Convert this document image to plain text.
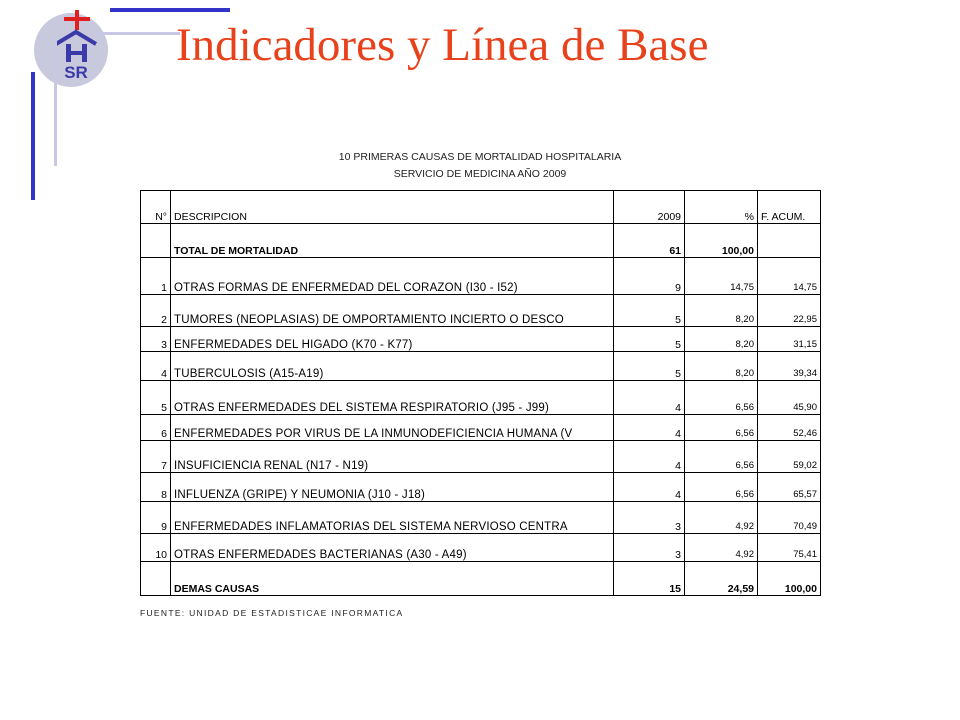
SR
Indicadores y Línea de Base
10 PRIMERAS CAUSAS DE MORTALIDAD HOSPITALARIA
SERVICIO DE MEDICINA AÑO 2009
N°	DESCRIPCION	2009	%	F. ACUM.
	TOTAL DE MORTALIDAD	61	100,00	
1	OTRAS FORMAS DE ENFERMEDAD DEL CORAZON (I30 - I52)	9	14,75	14,75
2	TUMORES (NEOPLASIAS) DE OMPORTAMIENTO INCIERTO O DESCO	5	8,20	22,95
3	ENFERMEDADES DEL HIGADO (K70 - K77)	5	8,20	31,15
4	TUBERCULOSIS (A15-A19)	5	8,20	39,34
5	OTRAS ENFERMEDADES DEL SISTEMA RESPIRATORIO (J95 - J99)	4	6,56	45,90
6	ENFERMEDADES POR VIRUS DE LA INMUNODEFICIENCIA HUMANA (V	4	6,56	52,46
7	INSUFICIENCIA RENAL (N17 - N19)	4	6,56	59,02
8	INFLUENZA (GRIPE) Y NEUMONIA (J10 - J18)	4	6,56	65,57
9	ENFERMEDADES INFLAMATORIAS DEL SISTEMA NERVIOSO CENTRA	3	4,92	70,49
10	OTRAS ENFERMEDADES BACTERIANAS (A30 - A49)	3	4,92	75,41
	DEMAS CAUSAS	15	24,59	100,00
FUENTE: UNIDAD DE ESTADISTICAE INFORMATICA
